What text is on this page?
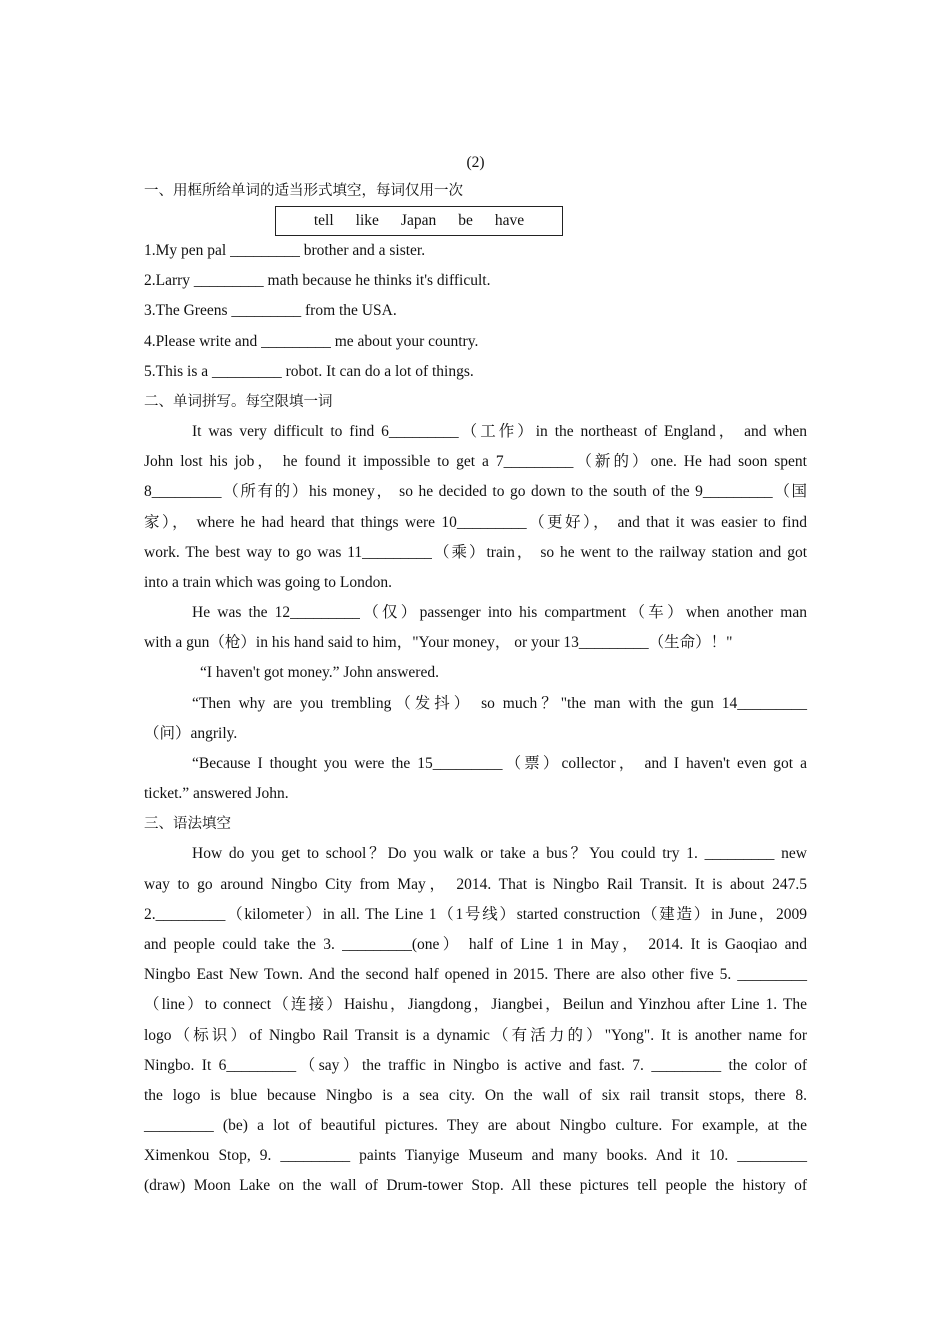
(2)
一、用框所给单词的适当形式填空，每词仅用一次
tell like Japan be have
1.My pen pal _________ brother and a sister.
2.Larry _________ math because he thinks it's difficult.
3.The Greens _________ from the USA.
4.Please write and _________ me about your country.
5.This is a _________ robot. It can do a lot of things.
二、单词拼写。每空限填一词
It was very difficult to find 6_________（工作）in the northeast of England， and when
John lost his job， he found it impossible to get a 7_________（新的）one. He had soon spent
8_________（所有的）his money， so he decided to go down to the south of the 9_________（国
家）， where he had heard that things were 10_________（更好）， and that it was easier to find
work. The best way to go was 11_________（乘）train， so he went to the railway station and got
into a train which was going to London.
He was the 12_________（仅）passenger into his compartment（车）when another man
with a gun（枪）in his hand said to him，"Your money， or your 13_________（生命）！"
“I haven't got money.” John answered.
“Then why are you trembling（发抖） so much？"the man with the gun 14_________
（问）angrily.
“Because I thought you were the 15_________（票）collector， and I haven't even got a
ticket.” answered John.
三、语法填空
How do you get to school？Do you walk or take a bus？You could try 1. _________ new
way to go around Ningbo City from May， 2014. That is Ningbo Rail Transit. It is about 247.5
2._________（kilometer）in all. The Line 1（1号线）started construction（建造）in June，2009
and people could take the 3. _________(one） half of Line 1 in May， 2014. It is Gaoqiao and
Ningbo East New Town. And the second half opened in 2015. There are also other five 5. _________
（line）to connect（连接）Haishu，Jiangdong，Jiangbei，Beilun and Yinzhou after Line 1. The
logo（标识）of Ningbo Rail Transit is a dynamic（有活力的）"Yong". It is another name for
Ningbo. It 6_________（say）the traffic in Ningbo is active and fast. 7. _________ the color of
the logo is blue because Ningbo is a sea city. On the wall of six rail transit stops, there 8.
_________ (be) a lot of beautiful pictures. They are about Ningbo culture. For example, at the
Ximenkou Stop, 9. _________ paints Tianyige Museum and many books. And it 10. _________
(draw) Moon Lake on the wall of Drum-tower Stop. All these pictures tell people the history of
